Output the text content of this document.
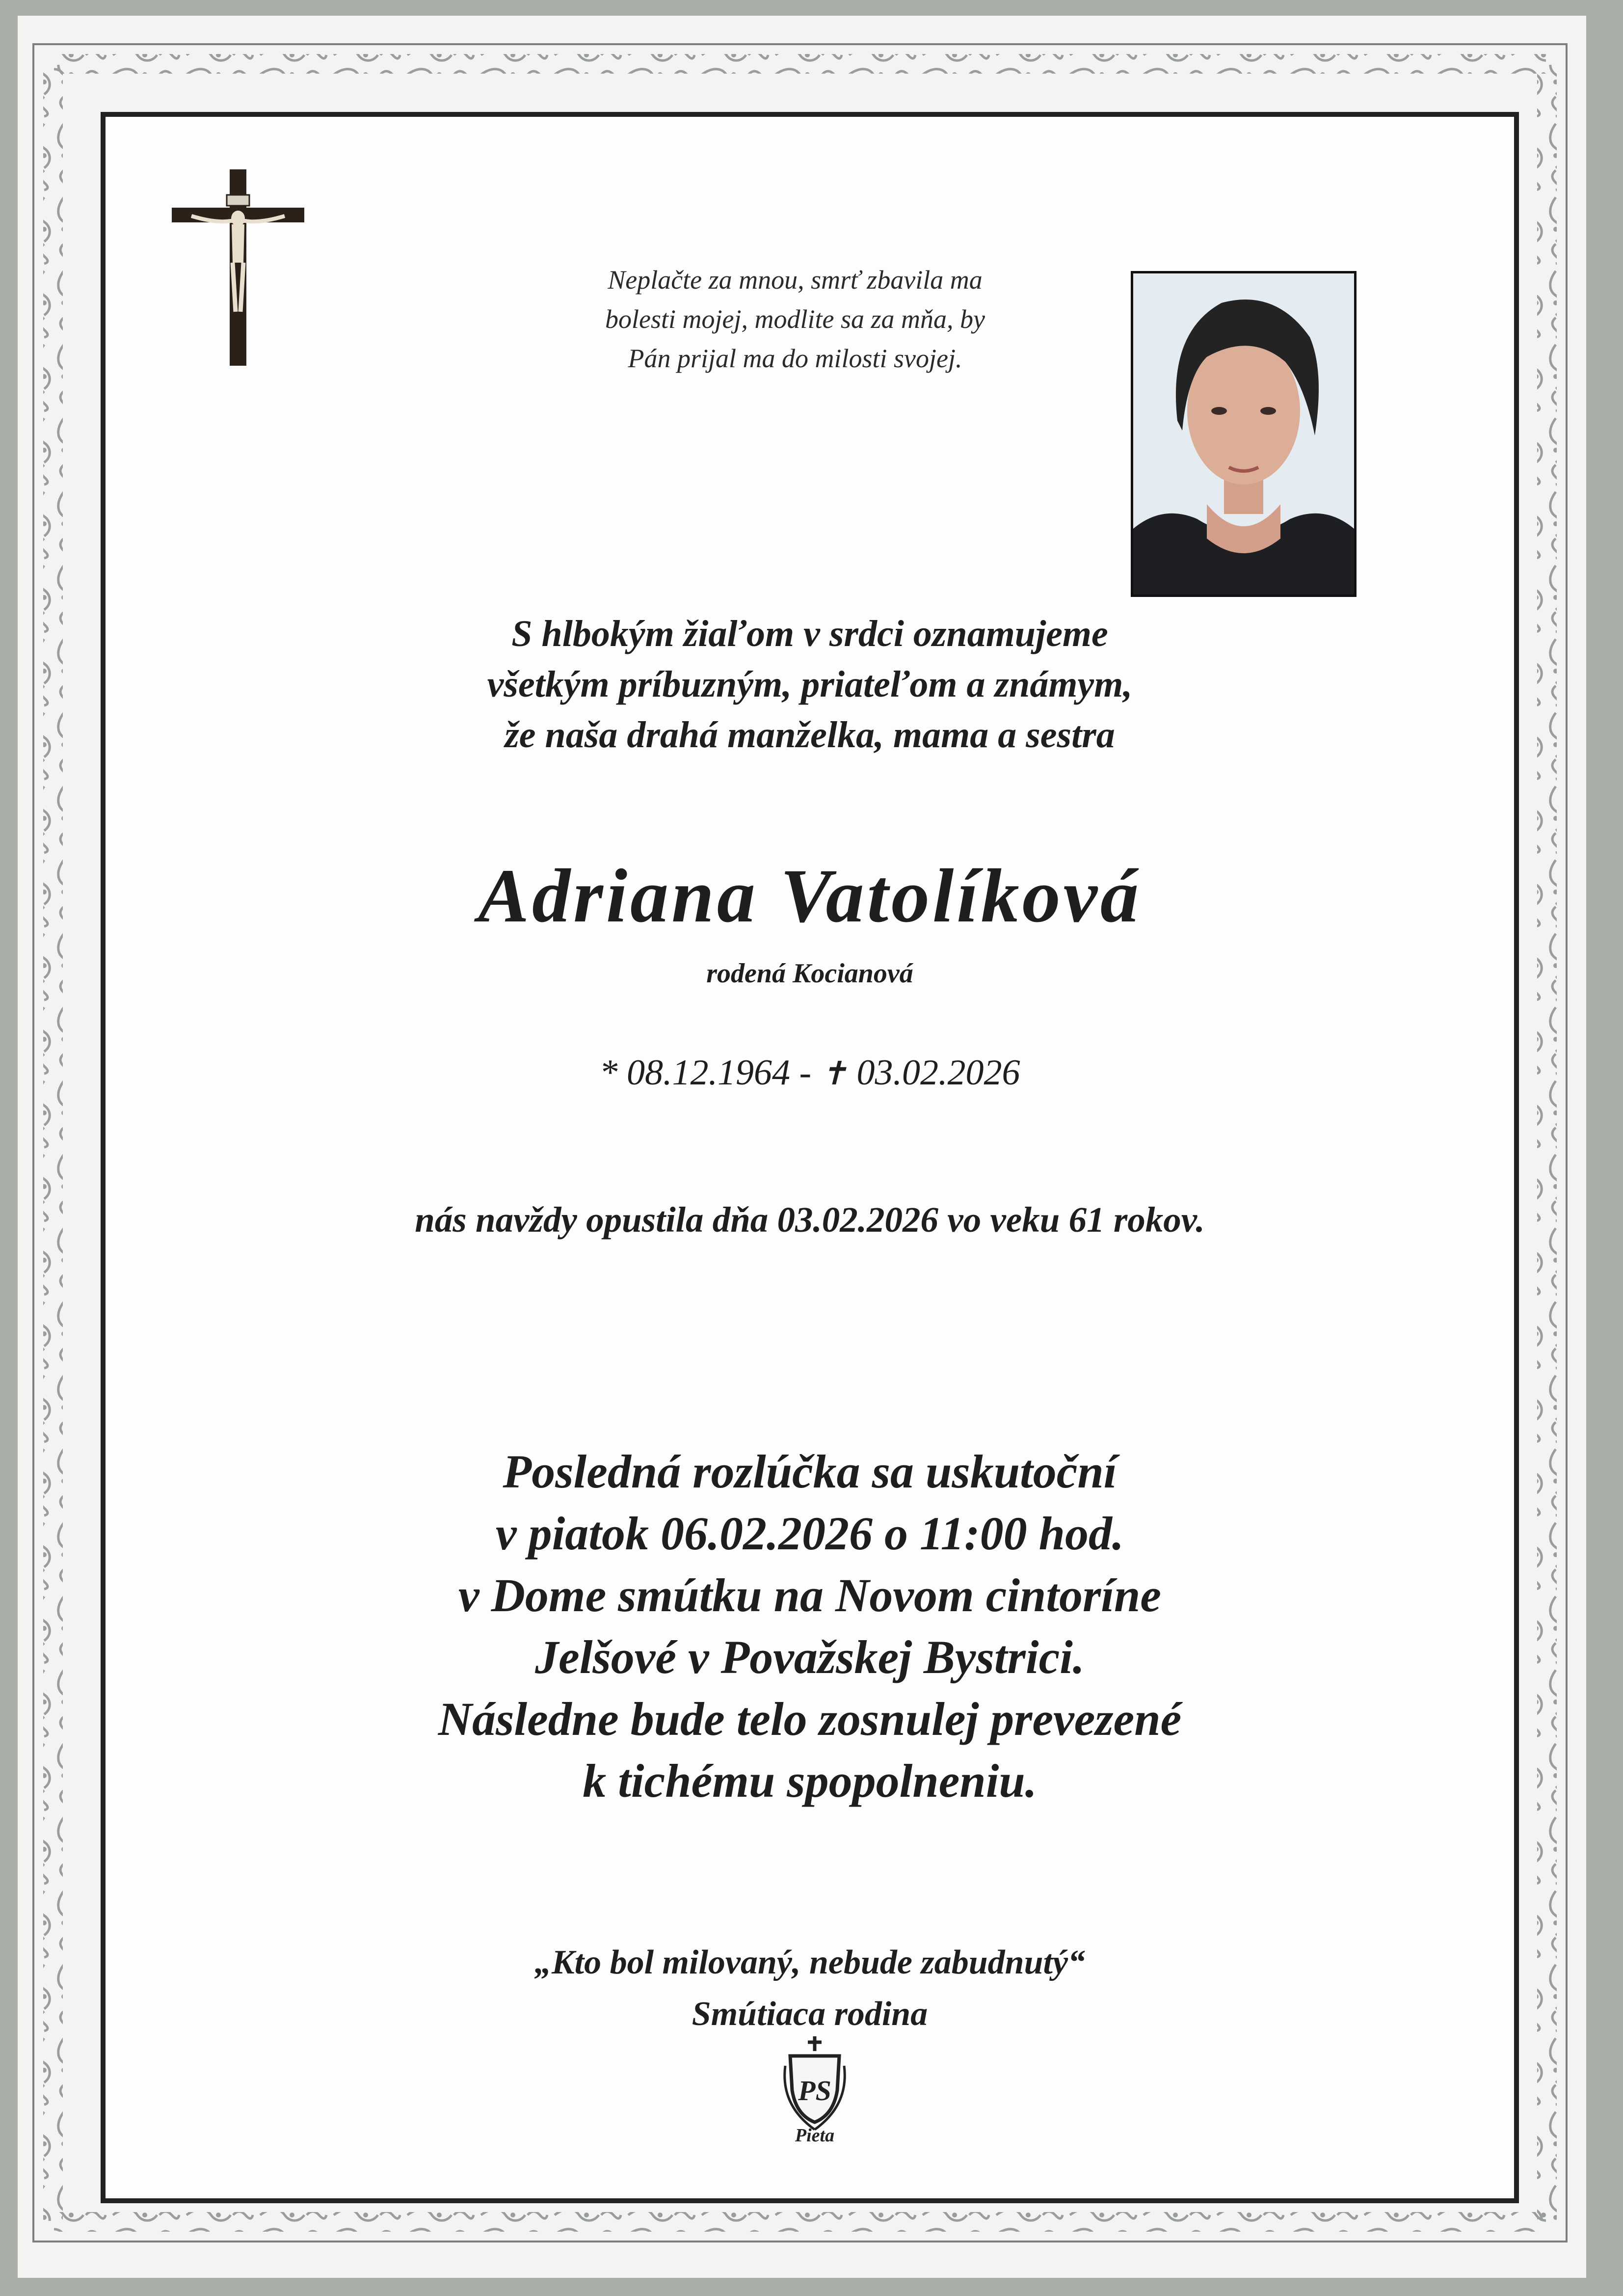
Neplačte za mnou, smrť zbavila ma
bolesti mojej, modlite sa za mňa, by
Pán prijal ma do milosti svojej.
S hlbokým žiaľom v srdci oznamujeme
všetkým príbuzným, priateľom a známym,
že naša drahá manželka, mama a sestra
Adriana Vatolíková
rodená Kocianová
* 08.12.1964 - ✝ 03.02.2026
nás navždy opustila dňa 03.02.2026 vo veku 61 rokov.
Posledná rozlúčka sa uskutoční
v piatok 06.02.2026 o 11:00 hod.
v Dome smútku na Novom cintoríne
Jelšové v Považskej Bystrici.
Následne bude telo zosnulej prevezené
k tichému spopolneniu.
„Kto bol milovaný, nebude zabudnutý“
Smútiaca rodina
PS
Pieta
